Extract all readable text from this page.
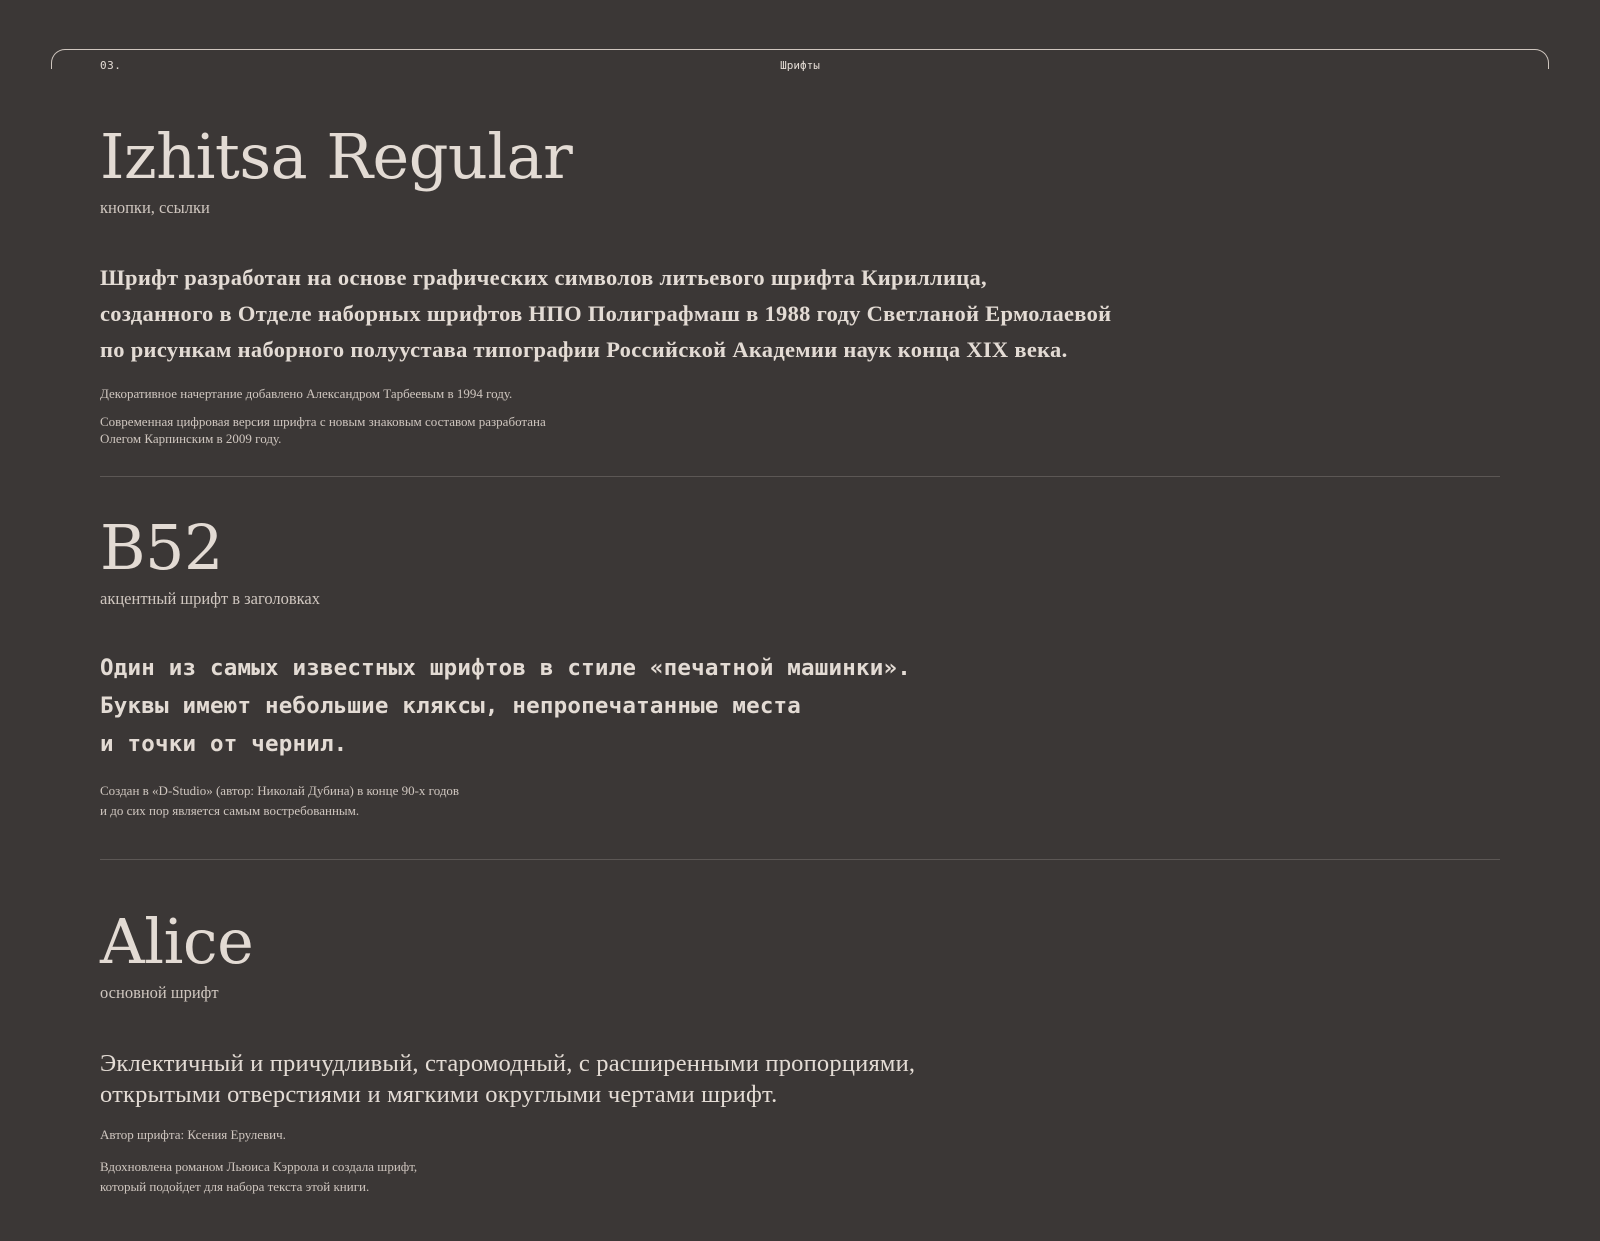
03.	Шрифты
Izhitsa Regular
кнопки, ссылки

Шрифт разработан на основе графических символов литьевого шрифта Кириллица,
созданного в Отделе наборных шрифтов НПО Полиграфмаш в 1988 году Светланой Ермолаевой
по рисункам наборного полуустава типографии Российской Академии наук конца XIX века.

Декоративное начертание добавлено Александром Тарбеевым в 1994 году.

Современная цифровая версия шрифта с новым знаковым составом разработана
Олегом Карпинским в 2009 году.

B52
акцентный шрифт в заголовках

Один из самых известных шрифтов в стиле «печатной машинки».
Буквы имеют небольшие кляксы, непропечатанные места
и точки от чернил.

Создан в «D-Studio» (автор: Николай Дубина) в конце 90-х годов
и до сих пор является самым востребованным.

Alice
основной шрифт

Эклектичный и причудливый, старомодный, с расширенными пропорциями,
открытыми отверстиями и мягкими округлыми чертами шрифт.

Автор шрифта: Ксения Ерулевич.

Вдохновлена романом Льюиса Кэррола и создала шрифт,
который подойдет для набора текста этой книги.
